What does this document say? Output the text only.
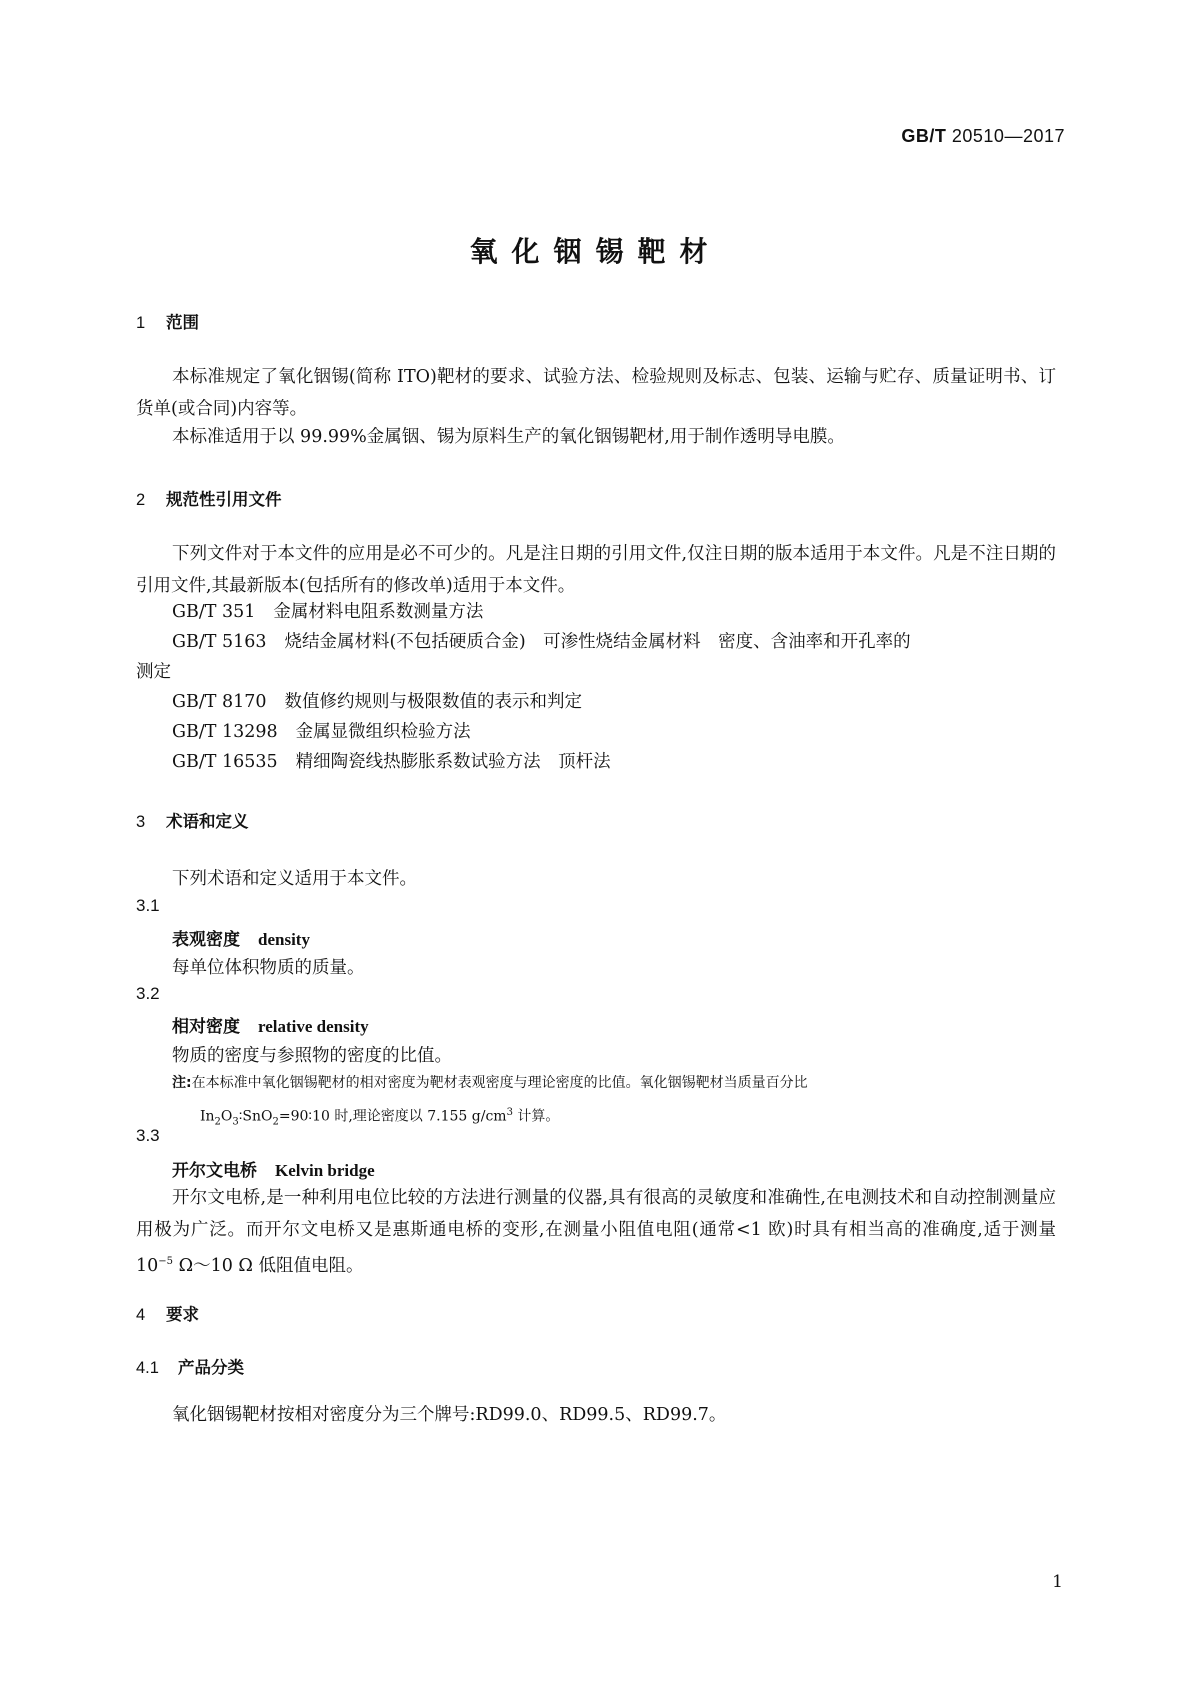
GB/T 20510—2017
氧化铟锡靶材
1 范围
本标准规定了氧化铟锡(简称 ITO)靶材的要求、试验方法、检验规则及标志、包装、运输与贮存、质量证明书、订货单(或合同)内容等。
本标准适用于以 99.99%金属铟、锡为原料生产的氧化铟锡靶材,用于制作透明导电膜。
2 规范性引用文件
下列文件对于本文件的应用是必不可少的。凡是注日期的引用文件,仅注日期的版本适用于本文件。凡是不注日期的引用文件,其最新版本(包括所有的修改单)适用于本文件。
GB/T 351 金属材料电阻系数测量方法
GB/T 5163 烧结金属材料(不包括硬质合金)　可渗性烧结金属材料　密度、含油率和开孔率的
测定
GB/T 8170 数值修约规则与极限数值的表示和判定
GB/T 13298 金属显微组织检验方法
GB/T 16535 精细陶瓷线热膨胀系数试验方法　顶杆法
3 术语和定义
下列术语和定义适用于本文件。
3.1
表观密度 density
每单位体积物质的质量。
3.2
相对密度 relative density
物质的密度与参照物的密度的比值。
注:在本标准中氧化铟锡靶材的相对密度为靶材表观密度与理论密度的比值。氧化铟锡靶材当质量百分比
$In_2O_3∶SnO_2=90∶10$ 时,理论密度以 7.155 $g/cm^3$ 计算。
3.3
开尔文电桥 Kelvin bridge
开尔文电桥,是一种利用电位比较的方法进行测量的仪器,具有很高的灵敏度和准确性,在电测技术和自动控制测量应用极为广泛。而开尔文电桥又是惠斯通电桥的变形,在测量小阻值电阻(通常<1 欧)时具有相当高的准确度,适于测量 $10^{-5}$ Ω～10 Ω 低阻值电阻。
4 要求
4.1 产品分类
氧化铟锡靶材按相对密度分为三个牌号:RD99.0、RD99.5、RD99.7。
1
